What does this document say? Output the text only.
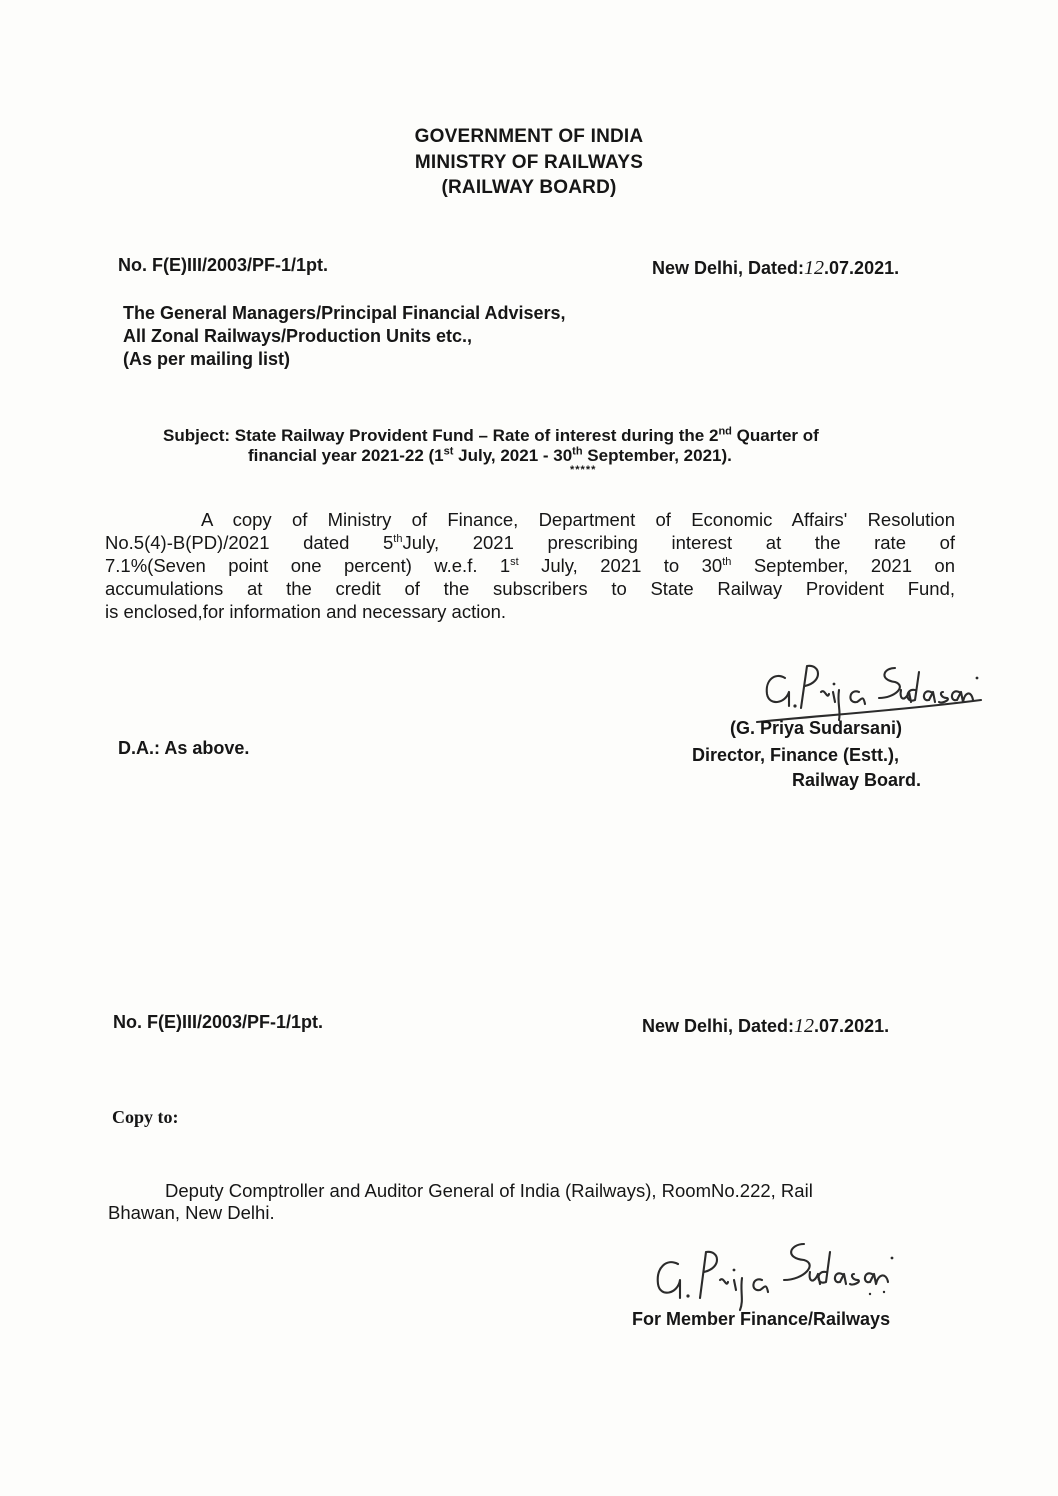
GOVERNMENT OF INDIA
MINISTRY OF RAILWAYS
(RAILWAY BOARD)
No. F(E)III/2003/PF-1/1pt.	New Delhi, Dated:12.07.2021.
The General Managers/Principal Financial Advisers,
All Zonal Railways/Production Units etc.,
(As per mailing list)
Subject: State Railway Provident Fund – Rate of interest during the 2nd Quarter of
financial year 2021-22 (1st July, 2021 - 30th September, 2021).
*****
A copy of Ministry of Finance, Department of Economic Affairs' Resolution
No.5(4)-B(PD)/2021 dated 5thJuly, 2021 prescribing interest at the rate of
7.1%(Seven point one percent) w.e.f. 1st July, 2021 to 30th September, 2021 on
accumulations at the credit of the subscribers to State Railway Provident Fund,
is enclosed,for information and necessary action.
(G. Priya Sudarsani)
D.A.: As above.	Director, Finance (Estt.),
Railway Board.
No. F(E)III/2003/PF-1/1pt.	New Delhi, Dated:12.07.2021.
Copy to:
Deputy Comptroller and Auditor General of India (Railways), RoomNo.222, Rail
Bhawan, New Delhi.
For Member Finance/Railways
